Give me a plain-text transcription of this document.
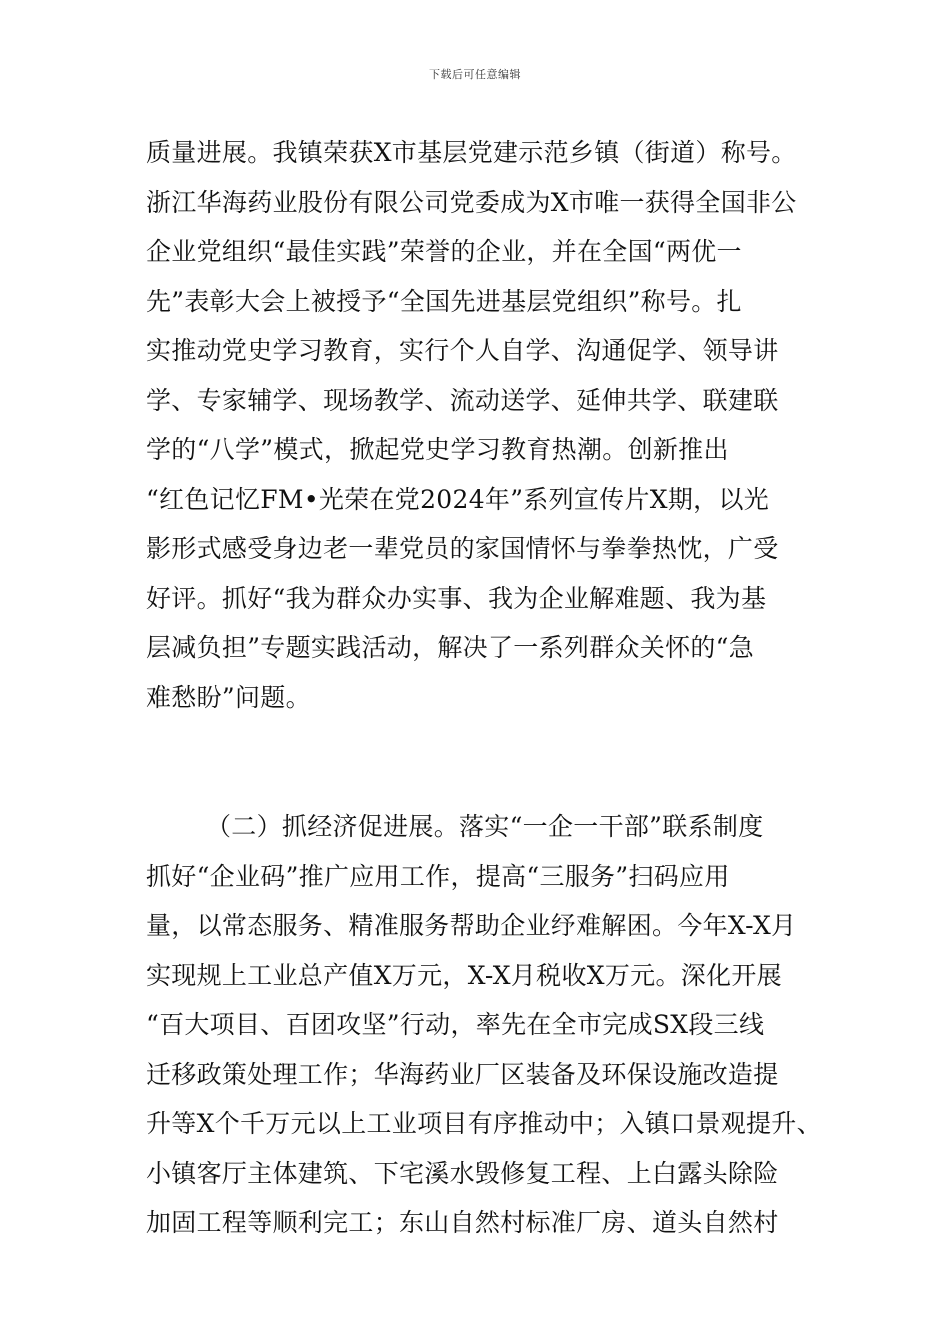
下载后可任意编辑
质量进展。我镇荣获X市基层党建示范乡镇（街道）称号。
浙江华海药业股份有限公司党委成为X市唯一获得全国非公
企业党组织“最佳实践”荣誉的企业，并在全国“两优一
先”表彰大会上被授予“全国先进基层党组织”称号。扎
实推动党史学习教育，实行个人自学、沟通促学、领导讲
学、专家辅学、现场教学、流动送学、延伸共学、联建联
学的“八学”模式，掀起党史学习教育热潮。创新推出
“红色记忆FM•光荣在党2024年”系列宣传片X期，以光
影形式感受身边老一辈党员的家国情怀与拳拳热忱，广受
好评。抓好“我为群众办实事、我为企业解难题、我为基
层减负担”专题实践活动，解决了一系列群众关怀的“急
难愁盼”问题。
（二）抓经济促进展。落实“一企一干部”联系制度
抓好“企业码”推广应用工作，提高“三服务”扫码应用
量，以常态服务、精准服务帮助企业纾难解困。今年X-X月
实现规上工业总产值X万元，X-X月税收X万元。深化开展
“百大项目、百团攻坚”行动，率先在全市完成SX段三线
迁移政策处理工作；华海药业厂区装备及环保设施改造提
升等X个千万元以上工业项目有序推动中；入镇口景观提升、
小镇客厅主体建筑、下宅溪水毁修复工程、上白露头除险
加固工程等顺利完工；东山自然村标准厂房、道头自然村
